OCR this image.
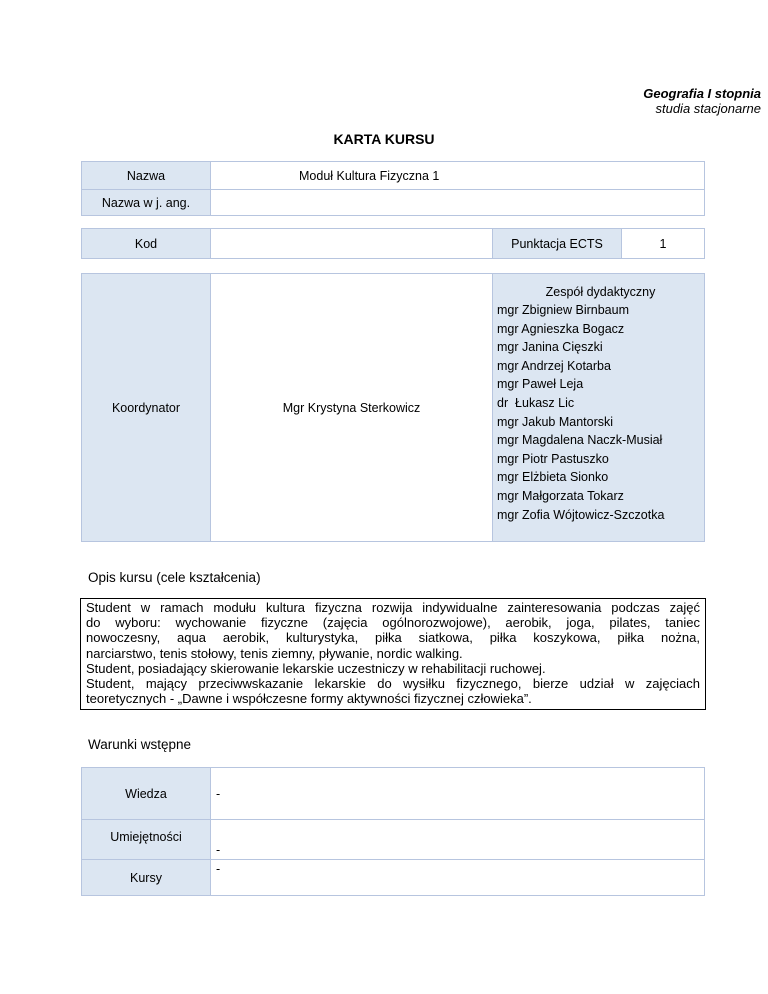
Geografia I stopnia
studia stacjonarne
KARTA KURSU
Nazwa	Moduł Kultura Fizyczna 1
Nazwa w j. ang.	
Kod		Punktacja ECTS	1
Koordynator	Mgr Krystyna Sterkowicz	
Zespół dydaktyczny
mgr Zbigniew Birnbaum
mgr Agnieszka Bogacz
mgr Janina Cięszki
mgr Andrzej Kotarba
mgr Paweł Leja
dr  Łukasz Lic
mgr Jakub Mantorski
mgr Magdalena Naczk-Musiał
mgr Piotr Pastuszko
mgr Elżbieta Sionko
mgr Małgorzata Tokarz
mgr Zofia Wójtowicz-Szczotka
Opis kursu (cele kształcenia)

Student w ramach modułu kultura fizyczna rozwija indywidualne zainteresowania podczas zajęć

do wyboru: wychowanie fizyczne (zajęcia ogólnorozwojowe), aerobik, joga, pilates, taniec

nowoczesny, aqua aerobik, kulturystyka, piłka siatkowa, piłka koszykowa, piłka nożna,

narciarstwo, tenis stołowy, tenis ziemny, pływanie, nordic walking.

Student, posiadający skierowanie lekarskie uczestniczy w rehabilitacji ruchowej.

Student, mający przeciwwskazanie lekarskie do wysiłku fizycznego, bierze udział w zajęciach

teoretycznych - „Dawne i współczesne formy aktywności fizycznej człowieka”.

Warunki wstępne
Wiedza	-
Umiejętności	-
Kursy	-
